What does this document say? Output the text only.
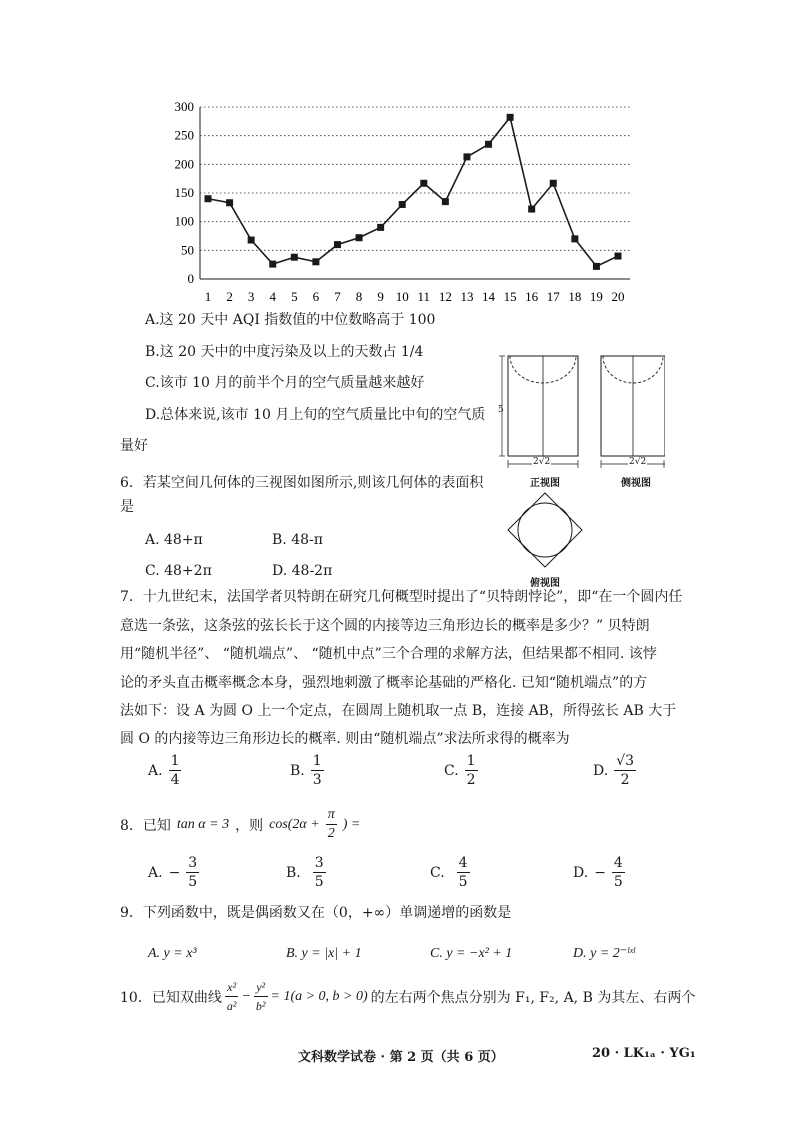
0
50
100
150
200
250
300
1 2 3 4 5 6 7 8 9 10 11 12 13 14 15 16 17 18 19 20
A.这 20 天中 AQI 指数值的中位数略高于 100
B.这 20 天中的中度污染及以上的天数占 1/4
C.该市 10 月的前半个月的空气质量越来越好
D.总体来说,该市 10 月上旬的空气质量比中旬的空气质
量好
5
2√2	2√2
正视图	侧视图
俯视图
6．若某空间几何体的三视图如图所示,则该几何体的表面积
是
A. 48+π	B. 48-π
C. 48+2π	D. 48-2π
7．十九世纪末，法国学者贝特朗在研究几何概型时提出了“贝特朗悖论”，即“在一个圆内任
意选一条弦，这条弦的弦长长于这个圆的内接等边三角形边长的概率是多少？” 贝特朗
用“随机半径”、 “随机端点”、 “随机中点”三个合理的求解方法，但结果都不相同. 该悖
论的矛头直击概率概念本身，强烈地刺激了概率论基础的严格化. 已知“随机端点”的方
法如下：设 A 为圆 O 上一个定点，在圆周上随机取一点 B，连接 AB，所得弦长 AB 大于
圆 O 的内接等边三角形边长的概率. 则由“随机端点”求法所求得的概率为
A. $\frac{1}{4}$	B. $\frac{1}{3}$	C. $\frac{1}{2}$	D. $\frac{√3}{2}$
8．已知 tan α = 3 ，则 $\cos(2\alpha + \frac{\pi}{2}$ ) =
A. − $\frac{3}{5}$	B. $\frac{3}{5}$	C. $\frac{4}{5}$	D. − $\frac{4}{5}$
9．下列函数中，既是偶函数又在（0，+∞）单调递增的函数是
A. y = x³	B. y = |x| + 1	C. y = −x² + 1	D. y = 2⁻ˡˣˡ
10．已知双曲线 $\frac{\text{x²}}{\text{a²}} - \frac{\text{y²}}{\text{b²}} = 1(a > 0$, b > 0) 的左右两个焦点分别为 F₁, F₂, A, B 为其左、右两个
文科数学试卷 · 第 2 页（共 6 页）	20 · LK₁ₐ · YG₁
